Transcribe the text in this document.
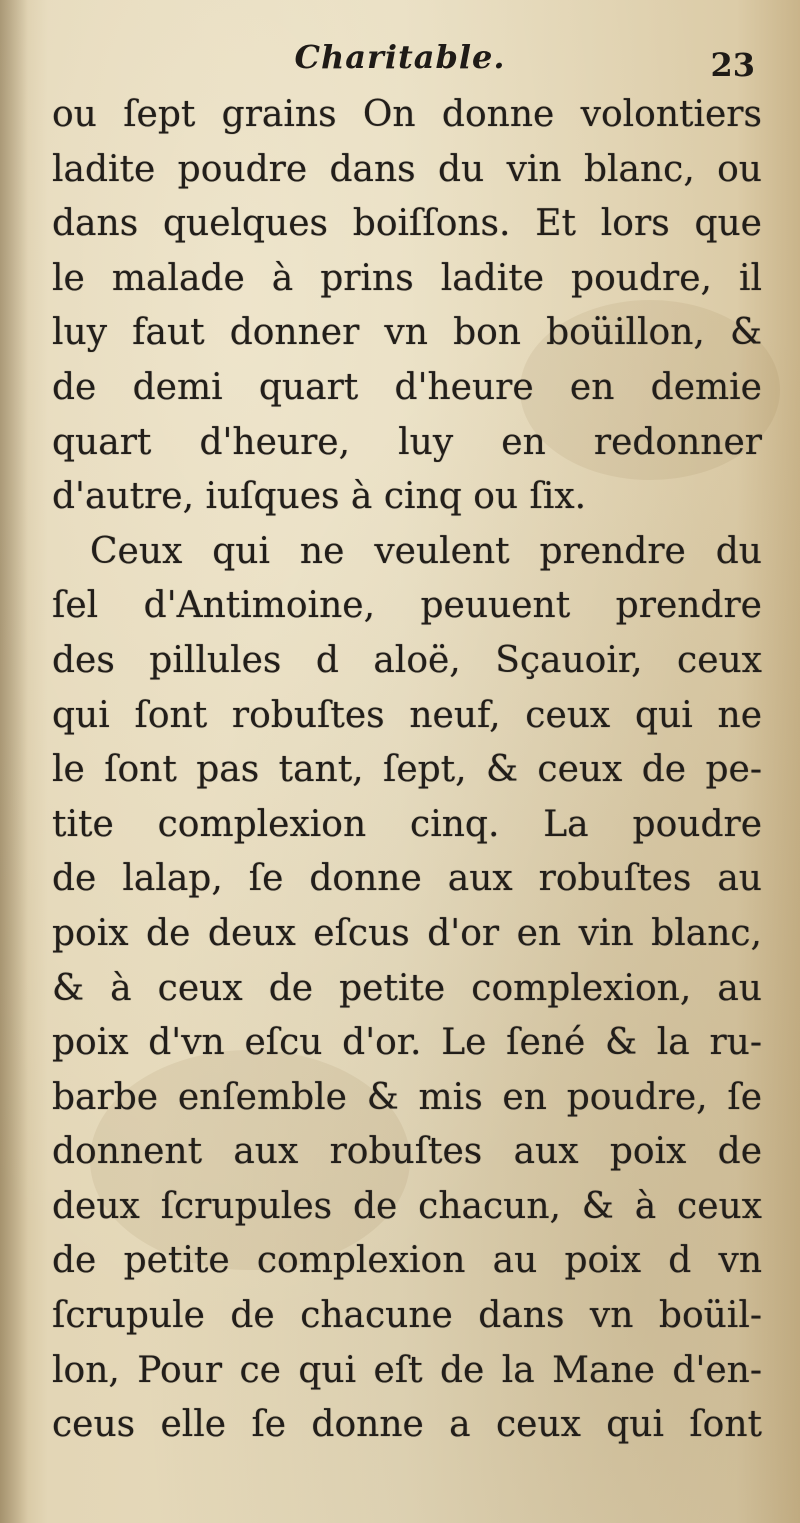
Charitable.	23
ou ſept grains On donne volontiers
ladite poudre dans du vin blanc, ou
dans quelques boiſſons. Et lors que
le malade à prins ladite poudre, il
luy faut donner vn bon boüillon, &
de demi quart d'heure en demie
quart d'heure, luy en redonner
d'autre, iuſques à cinq ou ſix.
Ceux qui ne veulent prendre du
ſel d'Antimoine, peuuent prendre
des pillules d aloë, Sçauoir, ceux
qui ſont robuſtes neuf, ceux qui ne
le ſont pas tant, ſept, & ceux de pe-
tite complexion cinq. La poudre
de lalap, ſe donne aux robuſtes au
poix de deux eſcus d'or en vin blanc,
& à ceux de petite complexion, au
poix d'vn eſcu d'or. Le ſené & la ru-
barbe enſemble & mis en poudre, ſe
donnent aux robuſtes aux poix de
deux ſcrupules de chacun, & à ceux
de petite complexion au poix d vn
ſcrupule de chacune dans vn boüil-
lon, Pour ce qui eſt de la Mane d'en-
ceus elle ſe donne a ceux qui ſont
